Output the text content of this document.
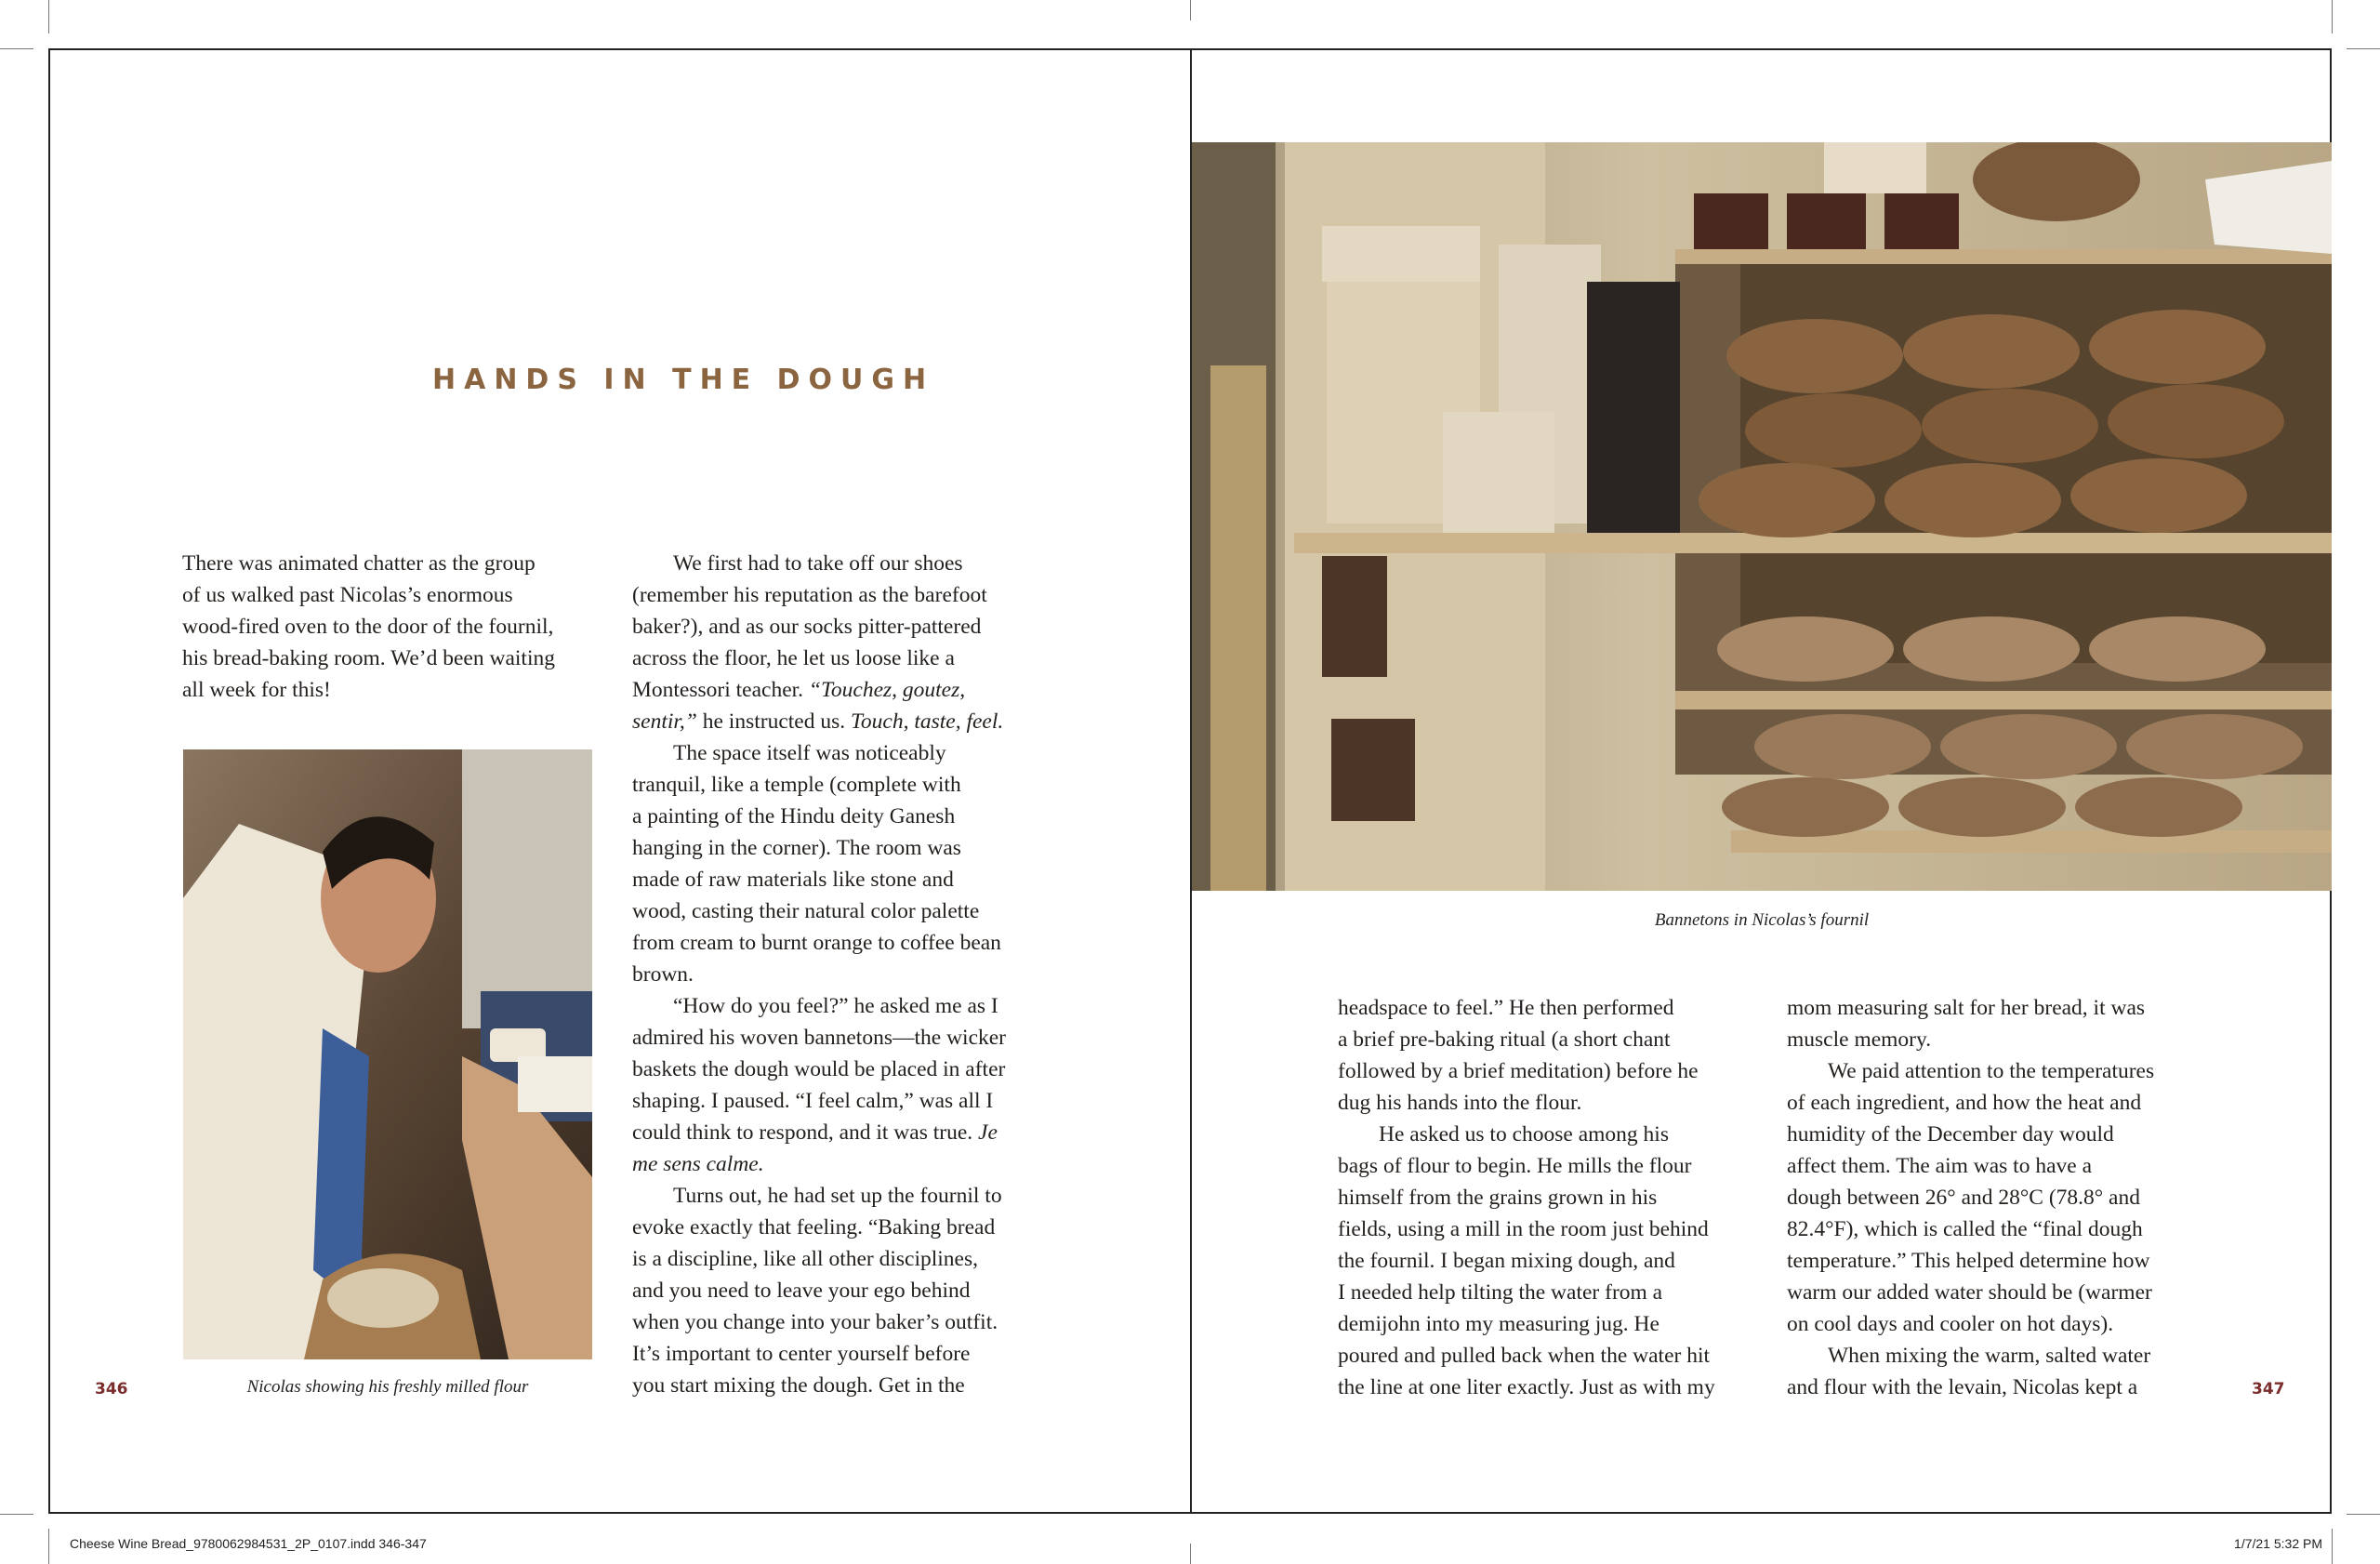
HANDS IN THE DOUGH
There was animated chatter as the group
of us walked past Nicolas’s enormous
wood-fired oven to the door of the fournil,
his bread-baking room. We’d been waiting
all week for this!
We first had to take off our shoes
(remember his reputation as the barefoot
baker?), and as our socks pitter-pattered
across the floor, he let us loose like a
Montessori teacher. “Touchez, goutez,
sentir,” he instructed us. Touch, taste, feel.
The space itself was noticeably
tranquil, like a temple (complete with
a painting of the Hindu deity Ganesh
hanging in the corner). The room was
made of raw materials like stone and
wood, casting their natural color palette
from cream to burnt orange to coffee bean
brown.
“How do you feel?” he asked me as I
admired his woven bannetons—the wicker
baskets the dough would be placed in after
shaping. I paused. “I feel calm,” was all I
could think to respond, and it was true. Je
me sens calme.
Turns out, he had set up the fournil to
evoke exactly that feeling. “Baking bread
is a discipline, like all other disciplines,
and you need to leave your ego behind
when you change into your baker’s outfit.
It’s important to center yourself before
you start mixing the dough. Get in the
headspace to feel.” He then performed
a brief pre-baking ritual (a short chant
followed by a brief meditation) before he
dug his hands into the flour.
He asked us to choose among his
bags of flour to begin. He mills the flour
himself from the grains grown in his
fields, using a mill in the room just behind
the fournil. I began mixing dough, and
I needed help tilting the water from a
demijohn into my measuring jug. He
poured and pulled back when the water hit
the line at one liter exactly. Just as with my
mom measuring salt for her bread, it was
muscle memory.
We paid attention to the temperatures
of each ingredient, and how the heat and
humidity of the December day would
affect them. The aim was to have a
dough between 26° and 28°C (78.8° and
82.4°F), which is called the “final dough
temperature.” This helped determine how
warm our added water should be (warmer
on cool days and cooler on hot days).
When mixing the warm, salted water
and flour with the levain, Nicolas kept a
Nicolas showing his freshly milled flour
Bannetons in Nicolas’s fournil
346	347
Cheese Wine Bread_9780062984531_2P_0107.indd 346-347	1/7/21 5:32 PM
